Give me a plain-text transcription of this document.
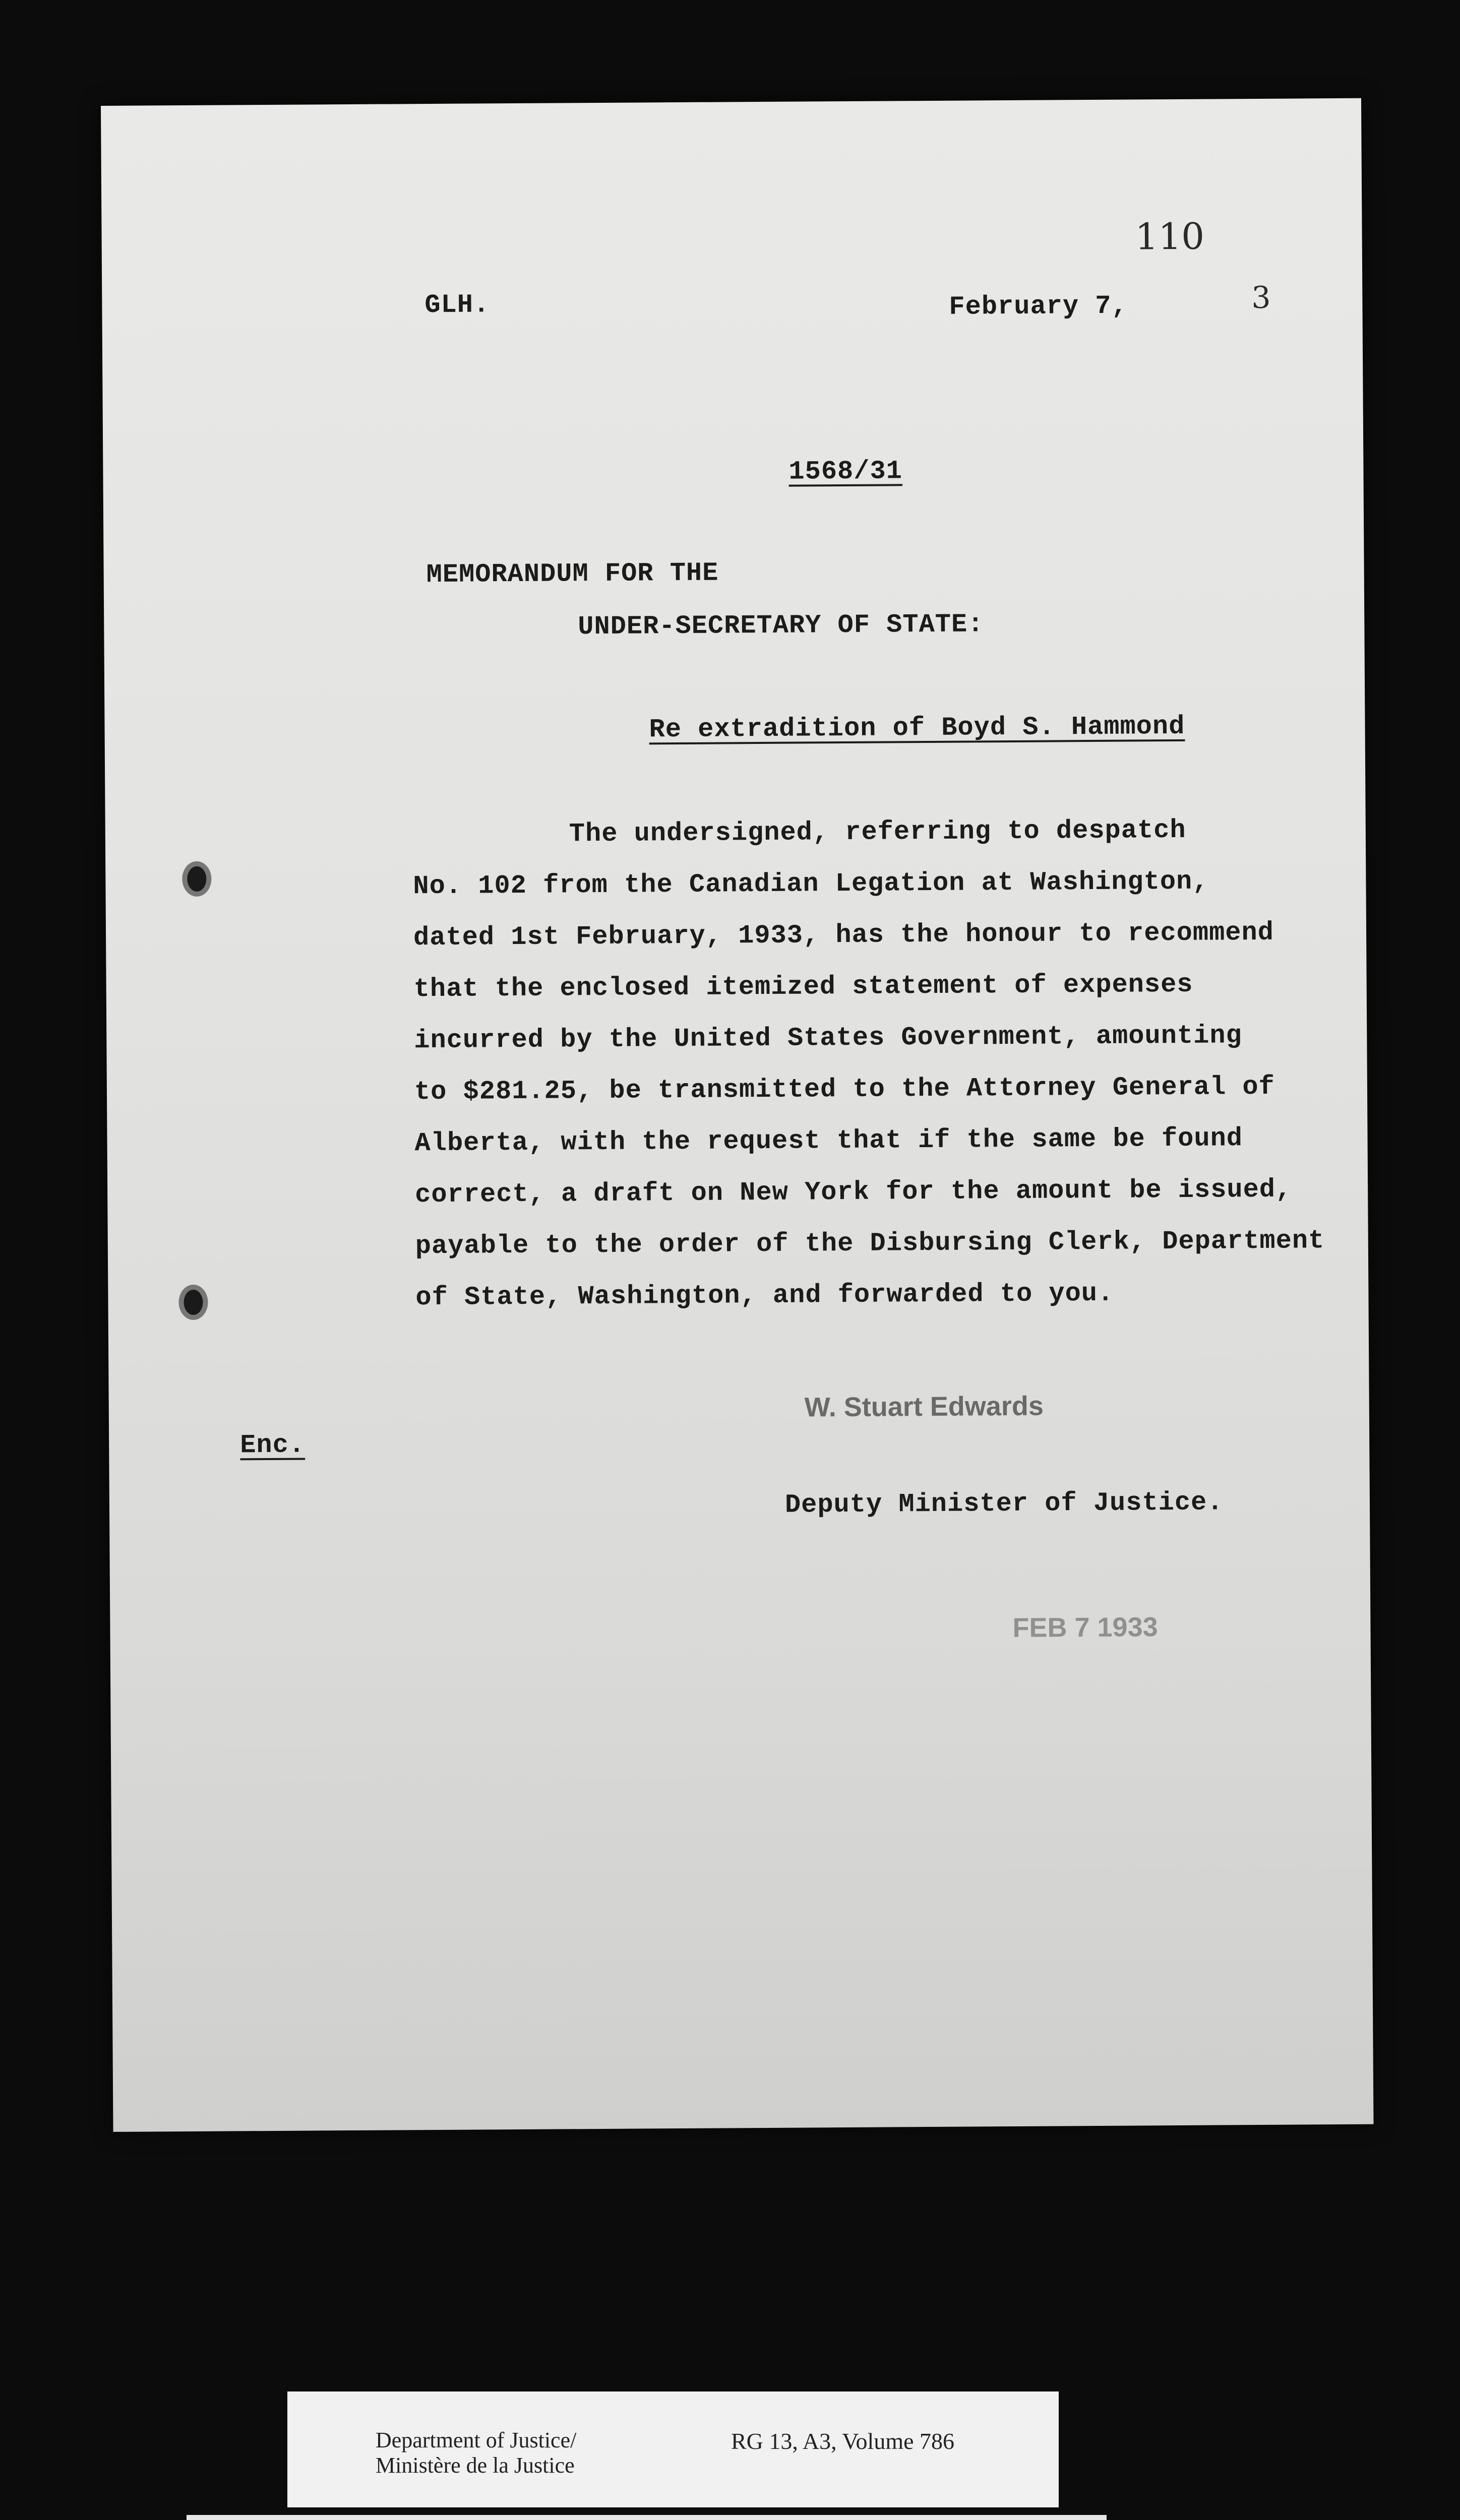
110
3
GLH.	February 7,
1568/31
MEMORANDUM FOR THE
UNDER-SECRETARY OF STATE:
Re extradition of Boyd S. Hammond
The undersigned, referring to despatch
No. 102 from the Canadian Legation at Washington,
dated 1st February, 1933, has the honour to recommend
that the enclosed itemized statement of expenses
incurred by the United States Government, amounting
to $281.25, be transmitted to the Attorney General of
Alberta, with the request that if the same be found
correct, a draft on New York for the amount be issued,
payable to the order of the Disbursing Clerk, Department
of State, Washington, and forwarded to you.
Enc.
W. Stuart Edwards
Deputy Minister of Justice.
FEB 7 1933
Department of Justice/
Ministère de la Justice
RG 13, A3, Volume 786
